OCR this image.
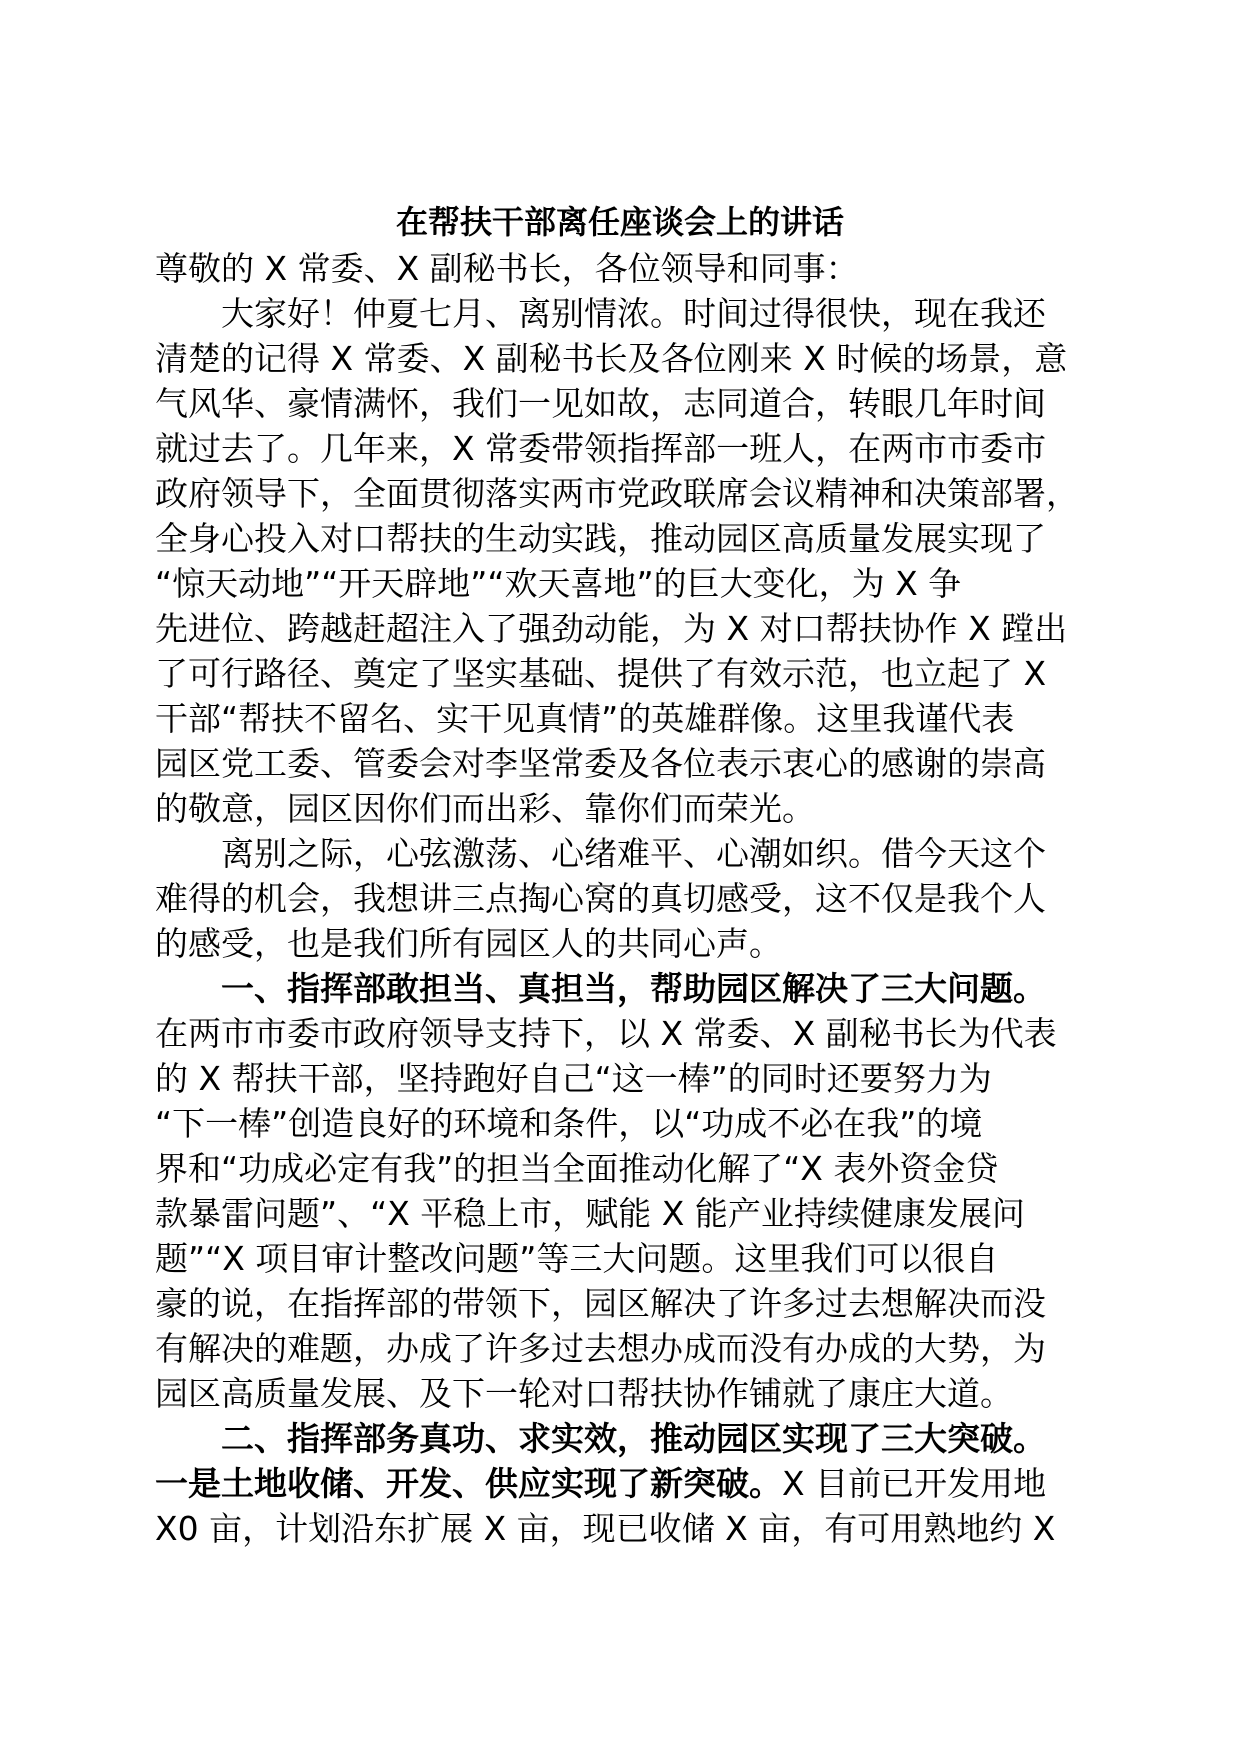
在帮扶干部离任座谈会上的讲话
尊敬的 X 常委、X 副秘书长，各位领导和同事：
大家好！仲夏七月、离别情浓。时间过得很快，现在我还
清楚的记得 X 常委、X 副秘书长及各位刚来 X 时候的场景，意
气风华、豪情满怀，我们一见如故，志同道合，转眼几年时间
就过去了。几年来，X 常委带领指挥部一班人，在两市市委市
政府领导下，全面贯彻落实两市党政联席会议精神和决策部署，
全身心投入对口帮扶的生动实践，推动园区高质量发展实现了
“惊天动地”“开天辟地”“欢天喜地”的巨大变化，为 X 争
先进位、跨越赶超注入了强劲动能，为 X 对口帮扶协作 X 蹚出
了可行路径、奠定了坚实基础、提供了有效示范，也立起了 X
干部“帮扶不留名、实干见真情”的英雄群像。这里我谨代表
园区党工委、管委会对李坚常委及各位表示衷心的感谢的崇高
的敬意，园区因你们而出彩、靠你们而荣光。
离别之际，心弦激荡、心绪难平、心潮如织。借今天这个
难得的机会，我想讲三点掏心窝的真切感受，这不仅是我个人
的感受，也是我们所有园区人的共同心声。
一、指挥部敢担当、真担当，帮助园区解决了三大问题。
在两市市委市政府领导支持下，以 X 常委、X 副秘书长为代表
的 X 帮扶干部，坚持跑好自己“这一棒”的同时还要努力为
“下一棒”创造良好的环境和条件，以“功成不必在我”的境
界和“功成必定有我”的担当全面推动化解了“X 表外资金贷
款暴雷问题”、“X 平稳上市，赋能 X 能产业持续健康发展问
题”“X 项目审计整改问题”等三大问题。这里我们可以很自
豪的说，在指挥部的带领下，园区解决了许多过去想解决而没
有解决的难题，办成了许多过去想办成而没有办成的大势，为
园区高质量发展、及下一轮对口帮扶协作铺就了康庄大道。
二、指挥部务真功、求实效，推动园区实现了三大突破。
一是土地收储、开发、供应实现了新突破。X 目前已开发用地
X0 亩，计划沿东扩展 X 亩，现已收储 X 亩，有可用熟地约 X
